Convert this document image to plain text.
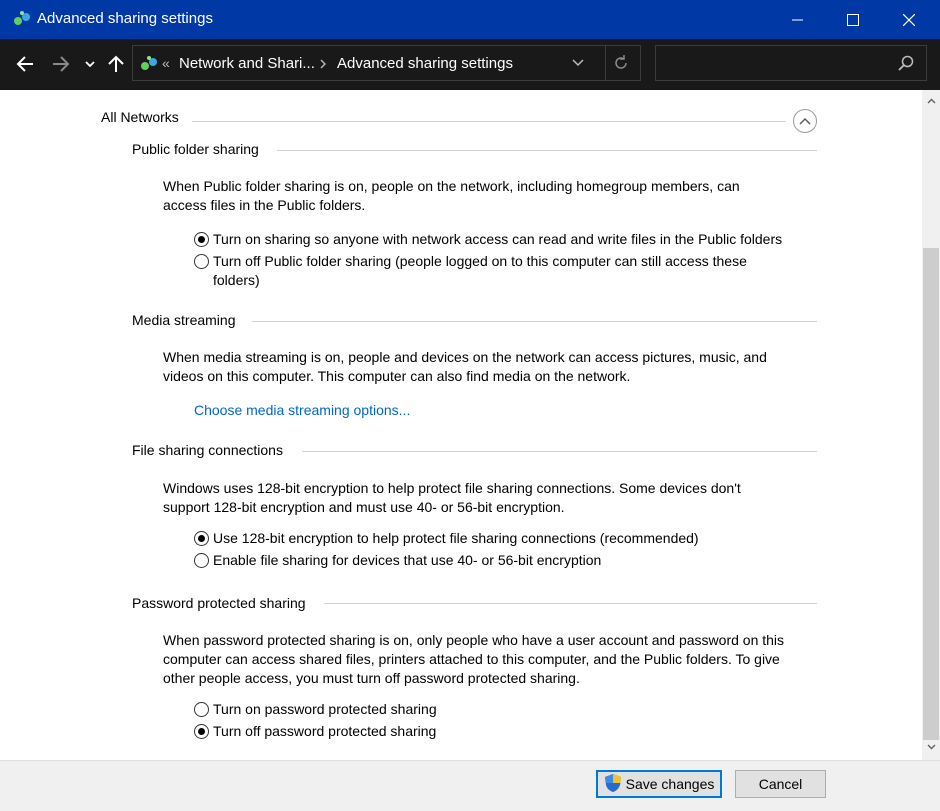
Advanced sharing settings
« Network and Shari... Advanced sharing settings
All Networks
Public folder sharing
When Public folder sharing is on, people on the network, including homegroup members, can
access files in the Public folders.
Turn on sharing so anyone with network access can read and write files in the Public folders
Turn off Public folder sharing (people logged on to this computer can still access these
folders)
Media streaming
When media streaming is on, people and devices on the network can access pictures, music, and
videos on this computer. This computer can also find media on the network.
Choose media streaming options...
File sharing connections
Windows uses 128-bit encryption to help protect file sharing connections. Some devices don't
support 128-bit encryption and must use 40- or 56-bit encryption.
Use 128-bit encryption to help protect file sharing connections (recommended)
Enable file sharing for devices that use 40- or 56-bit encryption
Password protected sharing
When password protected sharing is on, only people who have a user account and password on this
computer can access shared files, printers attached to this computer, and the Public folders. To give
other people access, you must turn off password protected sharing.
Turn on password protected sharing
Turn off password protected sharing
Save changes	Cancel
